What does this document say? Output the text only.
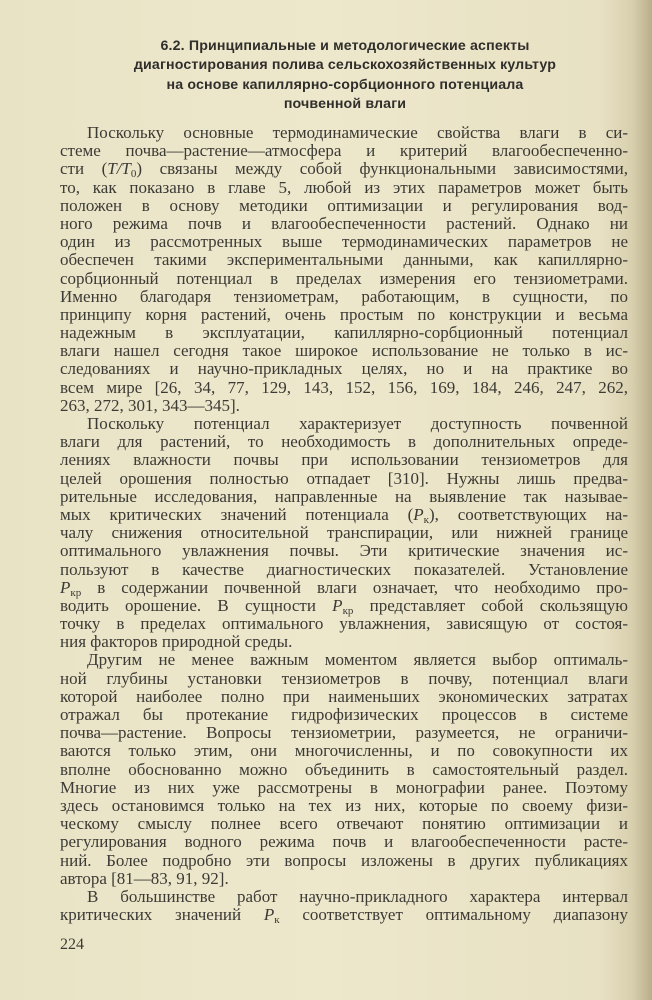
6.2. Принципиальные и методологические аспекты
диагностирования полива сельскохозяйственных культур
на основе капиллярно-сорбционного потенциала
почвенной влаги
Поскольку основные термодинамические свойства влаги в си-
стеме почва—растение—атмосфера и критерий влагообеспеченно-
сти $(T/T_0)$ связаны между собой функциональными зависимостями,
то, как показано в главе 5, любой из этих параметров может быть
положен в основу методики оптимизации и регулирования вод-
ного режима почв и влагообеспеченности растений. Однако ни
один из рассмотренных выше термодинамических параметров не
обеспечен такими экспериментальными данными, как капиллярно-
сорбционный потенциал в пределах измерения его тензиометрами.
Именно благодаря тензиометрам, работающим, в сущности, по
принципу корня растений, очень простым по конструкции и весьма
надежным в эксплуатации, капиллярно-сорбционный потенциал
влаги нашел сегодня такое широкое использование не только в ис-
следованиях и научно-прикладных целях, но и на практике во
всем мире [26, 34, 77, 129, 143, 152, 156, 169, 184, 246, 247, 262,
263, 272, 301, 343—345].
Поскольку потенциал характеризует доступность почвенной
влаги для растений, то необходимость в дополнительных опреде-
лениях влажности почвы при использовании тензиометров для
целей орошения полностью отпадает [310]. Нужны лишь предва-
рительные исследования, направленные на выявление так называе-
мых критических значений потенциала $(P_к)$, соответствующих на-
чалу снижения относительной транспирации, или нижней границе
оптимального увлажнения почвы. Эти критические значения ис-
пользуют в качестве диагностических показателей. Установление
$P_{кр}$ в содержании почвенной влаги означает, что необходимо про-
водить орошение. В сущности $P_{кр}$ представляет собой скользящую
точку в пределах оптимального увлажнения, зависящую от состоя-
ния факторов природной среды.
Другим не менее важным моментом является выбор оптималь-
ной глубины установки тензиометров в почву, потенциал влаги
которой наиболее полно при наименьших экономических затратах
отражал бы протекание гидрофизических процессов в системе
почва—растение. Вопросы тензиометрии, разумеется, не ограничи-
ваются только этим, они многочисленны, и по совокупности их
вполне обоснованно можно объединить в самостоятельный раздел.
Многие из них уже рассмотрены в монографии ранее. Поэтому
здесь остановимся только на тех из них, которые по своему физи-
ческому смыслу полнее всего отвечают понятию оптимизации и
регулирования водного режима почв и влагообеспеченности расте-
ний. Более подробно эти вопросы изложены в других публикациях
автора [81—83, 91, 92].
В большинстве работ научно-прикладного характера интервал
критических значений $P_к$ соответствует оптимальному диапазону
224
